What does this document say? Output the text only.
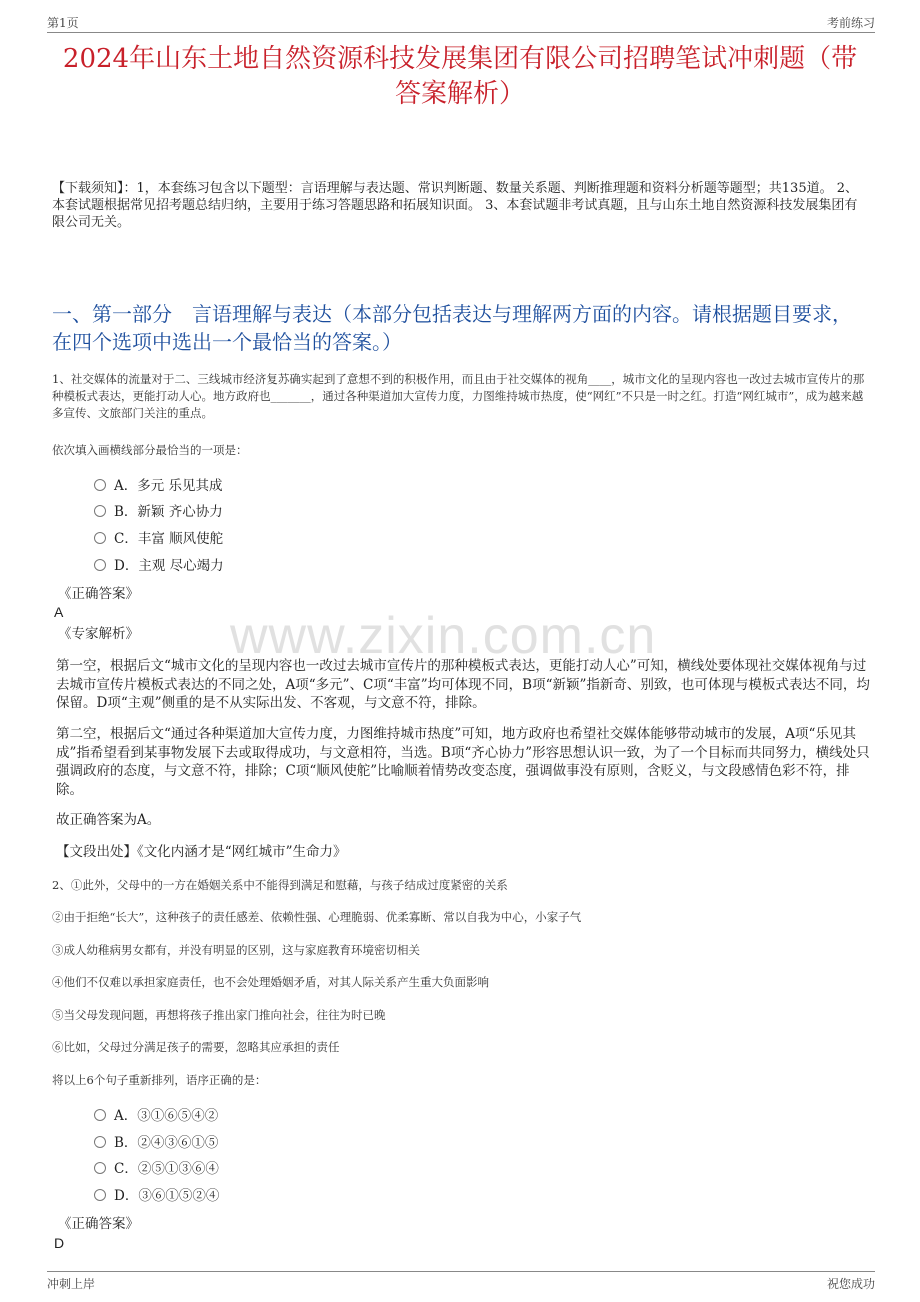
第1页	考前练习
www.zixin.com.cn
2024年山东土地自然资源科技发展集团有限公司招聘笔试冲刺题（带答案解析）
【下载须知】：1，本套练习包含以下题型：言语理解与表达题、常识判断题、数量关系题、判断推理题和资料分析题等题型；共135道。 2、本套试题根据常见招考题总结归纳，主要用于练习答题思路和拓展知识面。 3、本套试题非考试真题，且与山东土地自然资源科技发展集团有限公司无关。
一、第一部分　言语理解与表达（本部分包括表达与理解两方面的内容。请根据题目要求，在四个选项中选出一个最恰当的答案。）
1、社交媒体的流量对于二、三线城市经济复苏确实起到了意想不到的积极作用，而且由于社交媒体的视角____，城市文化的呈现内容也一改过去城市宣传片的那种模板式表达，更能打动人心。地方政府也_______，通过各种渠道加大宣传力度，力图维持城市热度，使“网红”不只是一时之红。打造“网红城市”，成为越来越多宣传、文旅部门关注的重点。
依次填入画横线部分最恰当的一项是：
A．多元 乐见其成
B．新颖 齐心协力
C．丰富 顺风使舵
D．主观 尽心竭力
《正确答案》
A
《专家解析》
第一空，根据后文“城市文化的呈现内容也一改过去城市宣传片的那种模板式表达，更能打动人心”可知，横线处要体现社交媒体视角与过去城市宣传片模板式表达的不同之处，A项“多元”、C项“丰富”均可体现不同，B项“新颖”指新奇、别致，也可体现与模板式表达不同，均保留。D项“主观”侧重的是不从实际出发、不客观，与文意不符，排除。
第二空，根据后文“通过各种渠道加大宣传力度，力图维持城市热度”可知，地方政府也希望社交媒体能够带动城市的发展，A项“乐见其成”指希望看到某事物发展下去或取得成功，与文意相符，当选。B项“齐心协力”形容思想认识一致，为了一个目标而共同努力，横线处只强调政府的态度，与文意不符，排除；C项“顺风使舵”比喻顺着情势改变态度，强调做事没有原则，含贬义，与文段感情色彩不符，排除。
故正确答案为A。
【文段出处】《文化内涵才是“网红城市”生命力》
2、①此外，父母中的一方在婚姻关系中不能得到满足和慰藉，与孩子结成过度紧密的关系
②由于拒绝“长大”，这种孩子的责任感差、依赖性强、心理脆弱、优柔寡断、常以自我为中心，小家子气
③成人幼稚病男女都有，并没有明显的区别，这与家庭教育环境密切相关
④他们不仅难以承担家庭责任，也不会处理婚姻矛盾，对其人际关系产生重大负面影响
⑤当父母发现问题，再想将孩子推出家门推向社会，往往为时已晚
⑥比如，父母过分满足孩子的需要，忽略其应承担的责任
将以上6个句子重新排列，语序正确的是：
A．③①⑥⑤④②
B．②④③⑥①⑤
C．②⑤①③⑥④
D．③⑥①⑤②④
《正确答案》
D
冲刺上岸	祝您成功
